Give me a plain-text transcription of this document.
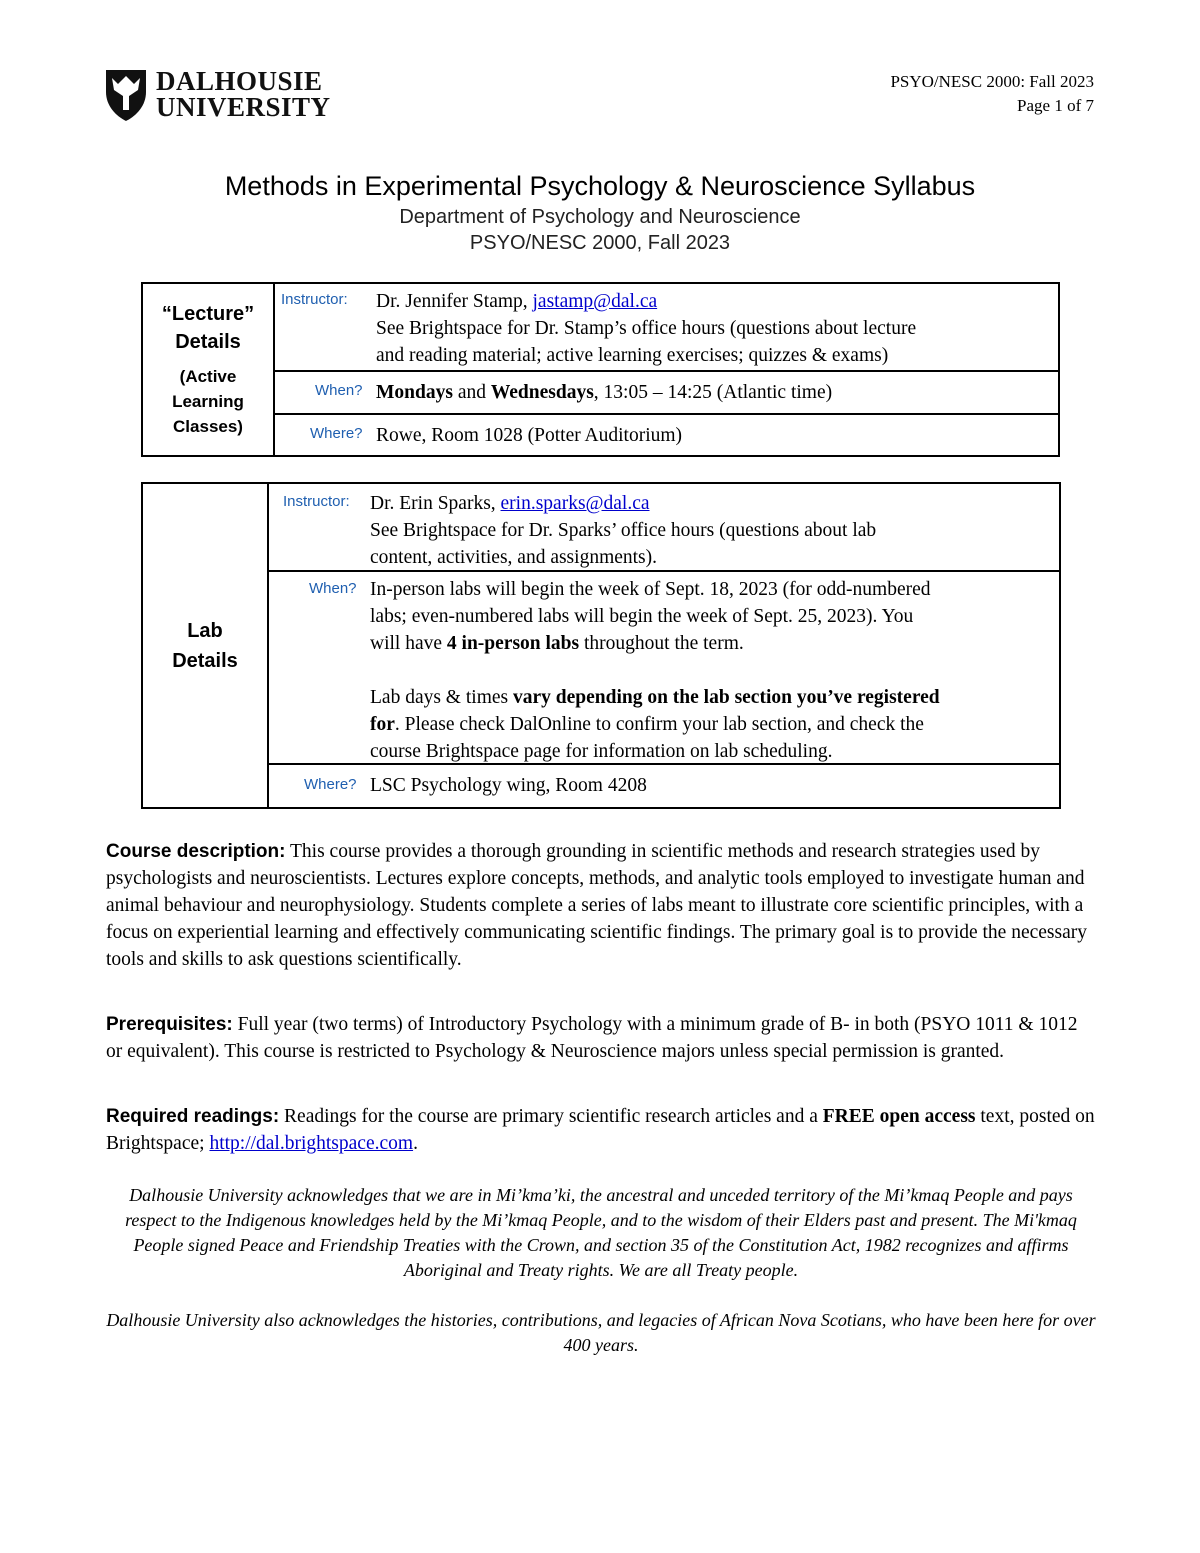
DALHOUSIE
UNIVERSITY
PSYO/NESC 2000: Fall 2023
Page 1 of 7
Methods in Experimental Psychology & Neuroscience Syllabus
Department of Psychology and Neuroscience
PSYO/NESC 2000, Fall 2023
“Lecture”
Details
(Active
Learning
Classes)
Instructor: Dr. Jennifer Stamp, jastamp@dal.ca
See Brightspace for Dr. Stamp’s office hours (questions about lecture
and reading material; active learning exercises; quizzes & exams)
When? Mondays and Wednesdays, 13:05 – 14:25 (Atlantic time)
Where? Rowe, Room 1028 (Potter Auditorium)
Lab
Details
Instructor: Dr. Erin Sparks, erin.sparks@dal.ca
See Brightspace for Dr. Sparks’ office hours (questions about lab
content, activities, and assignments).
When? In-person labs will begin the week of Sept. 18, 2023 (for odd-numbered
labs; even-numbered labs will begin the week of Sept. 25, 2023). You
will have 4 in-person labs throughout the term.
Lab days & times vary depending on the lab section you’ve registered
for. Please check DalOnline to confirm your lab section, and check the
course Brightspace page for information on lab scheduling.
Where? LSC Psychology wing, Room 4208
Course description: This course provides a thorough grounding in scientific methods and research strategies used by psychologists and neuroscientists. Lectures explore concepts, methods, and analytic tools employed to investigate human and animal behaviour and neurophysiology. Students complete a series of labs meant to illustrate core scientific principles, with a focus on experiential learning and effectively communicating scientific findings. The primary goal is to provide the necessary tools and skills to ask questions scientifically.
Prerequisites: Full year (two terms) of Introductory Psychology with a minimum grade of B- in both (PSYO 1011 & 1012 or equivalent). This course is restricted to Psychology & Neuroscience majors unless special permission is granted.
Required readings: Readings for the course are primary scientific research articles and a FREE open access text, posted on Brightspace; http://dal.brightspace.com.
Dalhousie University acknowledges that we are in Mi’kma’ki, the ancestral and unceded territory of the Mi’kmaq People and pays respect to the Indigenous knowledges held by the Mi’kmaq People, and to the wisdom of their Elders past and present. The Mi'kmaq People signed Peace and Friendship Treaties with the Crown, and section 35 of the Constitution Act, 1982 recognizes and affirms Aboriginal and Treaty rights. We are all Treaty people.
Dalhousie University also acknowledges the histories, contributions, and legacies of African Nova Scotians, who have been here for over 400 years.
